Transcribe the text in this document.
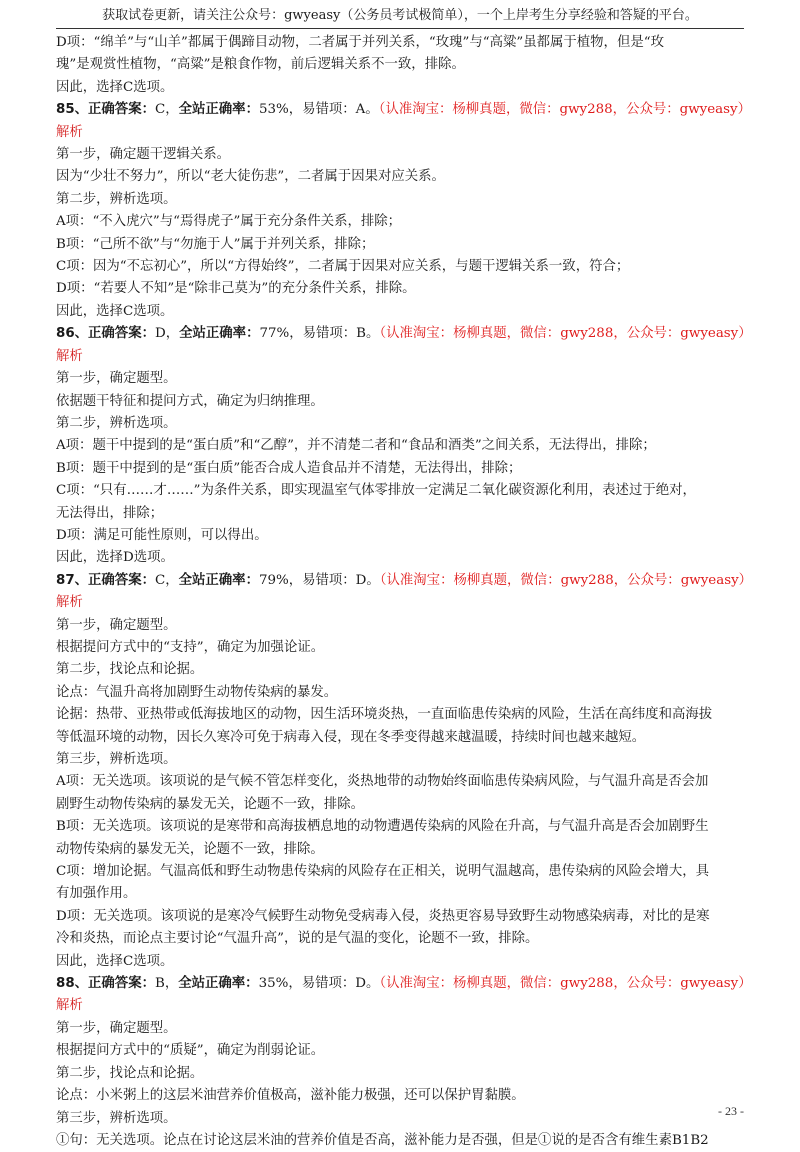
获取试卷更新，请关注公众号：gwyeasy（公务员考试极简单），一个上岸考生分享经验和答疑的平台。
D项：“绵羊”与“山羊”都属于偶蹄目动物，二者属于并列关系，“玫瑰”与“高粱”虽都属于植物，但是“玫
瑰”是观赏性植物，“高粱”是粮食作物，前后逻辑关系不一致，排除。
因此，选择C选项。
85、正确答案：C，全站正确率：53%，易错项：A。（认准淘宝：杨柳真题，微信：gwy288，公众号：gwyeasy）
解析
第一步，确定题干逻辑关系。
因为“少壮不努力”，所以“老大徒伤悲”，二者属于因果对应关系。
第二步，辨析选项。
A项：“不入虎穴”与“焉得虎子”属于充分条件关系，排除；
B项：“己所不欲”与“勿施于人”属于并列关系，排除；
C项：因为“不忘初心”，所以“方得始终”，二者属于因果对应关系，与题干逻辑关系一致，符合；
D项：“若要人不知”是“除非己莫为”的充分条件关系，排除。
因此，选择C选项。
86、正确答案：D，全站正确率：77%，易错项：B。（认准淘宝：杨柳真题，微信：gwy288，公众号：gwyeasy）
解析
第一步，确定题型。
依据题干特征和提问方式，确定为归纳推理。
第二步，辨析选项。
A项：题干中提到的是“蛋白质”和“乙醇”，并不清楚二者和“食品和酒类”之间关系，无法得出，排除；
B项：题干中提到的是“蛋白质”能否合成人造食品并不清楚，无法得出，排除；
C项：“只有……才……”为条件关系，即实现温室气体零排放一定满足二氧化碳资源化利用，表述过于绝对，
无法得出，排除；
D项：满足可能性原则，可以得出。
因此，选择D选项。
87、正确答案：C，全站正确率：79%，易错项：D。（认准淘宝：杨柳真题，微信：gwy288，公众号：gwyeasy）
解析
第一步，确定题型。
根据提问方式中的“支持”，确定为加强论证。
第二步，找论点和论据。
论点：气温升高将加剧野生动物传染病的暴发。
论据：热带、亚热带或低海拔地区的动物，因生活环境炎热，一直面临患传染病的风险，生活在高纬度和高海拔
等低温环境的动物，因长久寒冷可免于病毒入侵，现在冬季变得越来越温暖，持续时间也越来越短。
第三步，辨析选项。
A项：无关选项。该项说的是气候不管怎样变化，炎热地带的动物始终面临患传染病风险，与气温升高是否会加
剧野生动物传染病的暴发无关，论题不一致，排除。
B项：无关选项。该项说的是寒带和高海拔栖息地的动物遭遇传染病的风险在升高，与气温升高是否会加剧野生
动物传染病的暴发无关，论题不一致，排除。
C项：增加论据。气温高低和野生动物患传染病的风险存在正相关，说明气温越高，患传染病的风险会增大，具
有加强作用。
D项：无关选项。该项说的是寒冷气候野生动物免受病毒入侵，炎热更容易导致野生动物感染病毒，对比的是寒
冷和炎热，而论点主要讨论“气温升高”，说的是气温的变化，论题不一致，排除。
因此，选择C选项。
88、正确答案：B，全站正确率：35%，易错项：D。（认准淘宝：杨柳真题，微信：gwy288，公众号：gwyeasy）
解析
第一步，确定题型。
根据提问方式中的“质疑”，确定为削弱论证。
第二步，找论点和论据。
论点：小米粥上的这层米油营养价值极高，滋补能力极强，还可以保护胃黏膜。
第三步，辨析选项。
①句：无关选项。论点在讨论这层米油的营养价值是否高，滋补能力是否强，但是①说的是否含有维生素B1B2
- 23 -
